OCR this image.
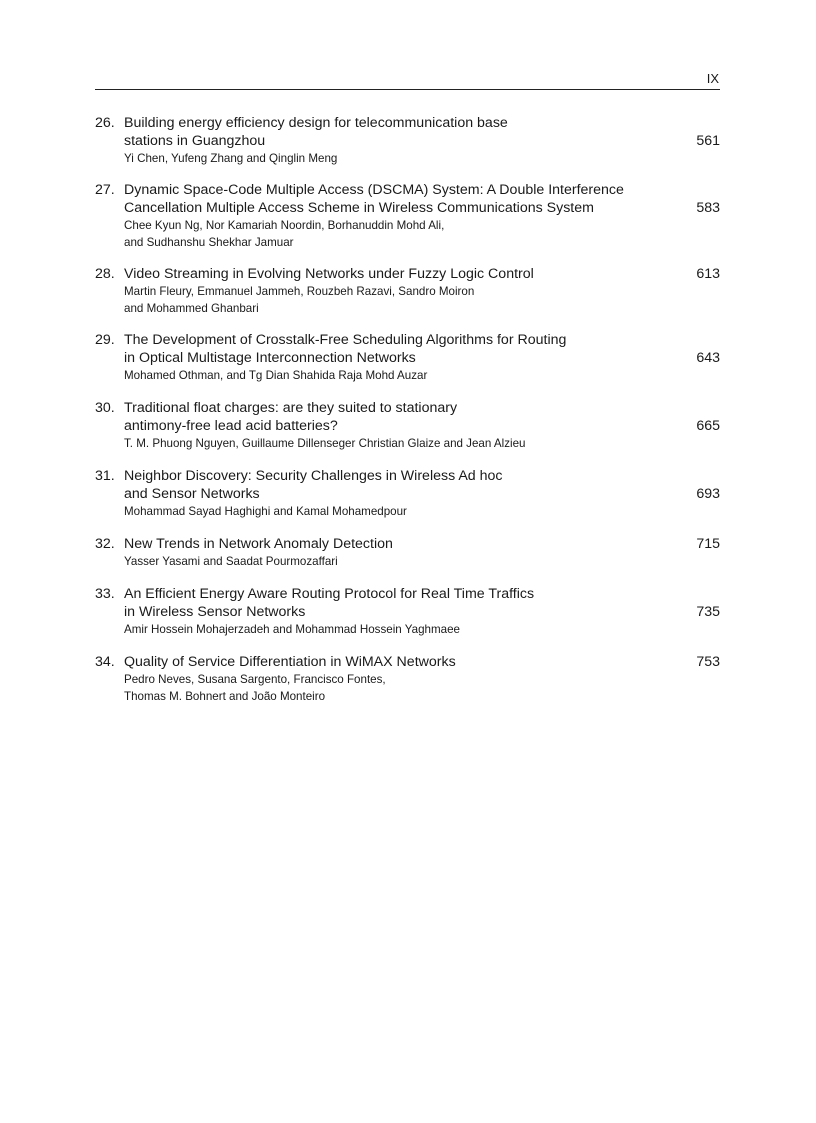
IX
26. Building energy efficiency design for telecommunication base
stations in Guangzhou
Yi Chen, Yufeng Zhang and Qinglin Meng
561
27. Dynamic Space-Code Multiple Access (DSCMA) System: A Double Interference
Cancellation Multiple Access Scheme in Wireless Communications System
Chee Kyun Ng, Nor Kamariah Noordin, Borhanuddin Mohd Ali,
and Sudhanshu Shekhar Jamuar
583
28. Video Streaming in Evolving Networks under Fuzzy Logic Control
Martin Fleury, Emmanuel Jammeh, Rouzbeh Razavi, Sandro Moiron
and Mohammed Ghanbari
613
29. The Development of Crosstalk-Free Scheduling Algorithms for Routing
in Optical Multistage Interconnection Networks
Mohamed Othman, and Tg Dian Shahida Raja Mohd Auzar
643
30. Traditional float charges: are they suited to stationary
antimony-free lead acid batteries?
T. M. Phuong Nguyen, Guillaume Dillenseger Christian Glaize and Jean Alzieu
665
31. Neighbor Discovery: Security Challenges in Wireless Ad hoc
and Sensor Networks
Mohammad Sayad Haghighi and Kamal Mohamedpour
693
32. New Trends in Network Anomaly Detection
Yasser Yasami and Saadat Pourmozaffari
715
33. An Efficient Energy Aware Routing Protocol for Real Time Traffics
in Wireless Sensor Networks
Amir Hossein Mohajerzadeh and Mohammad Hossein Yaghmaee
735
34. Quality of Service Differentiation in WiMAX Networks
Pedro Neves, Susana Sargento, Francisco Fontes,
Thomas M. Bohnert and João Monteiro
753
